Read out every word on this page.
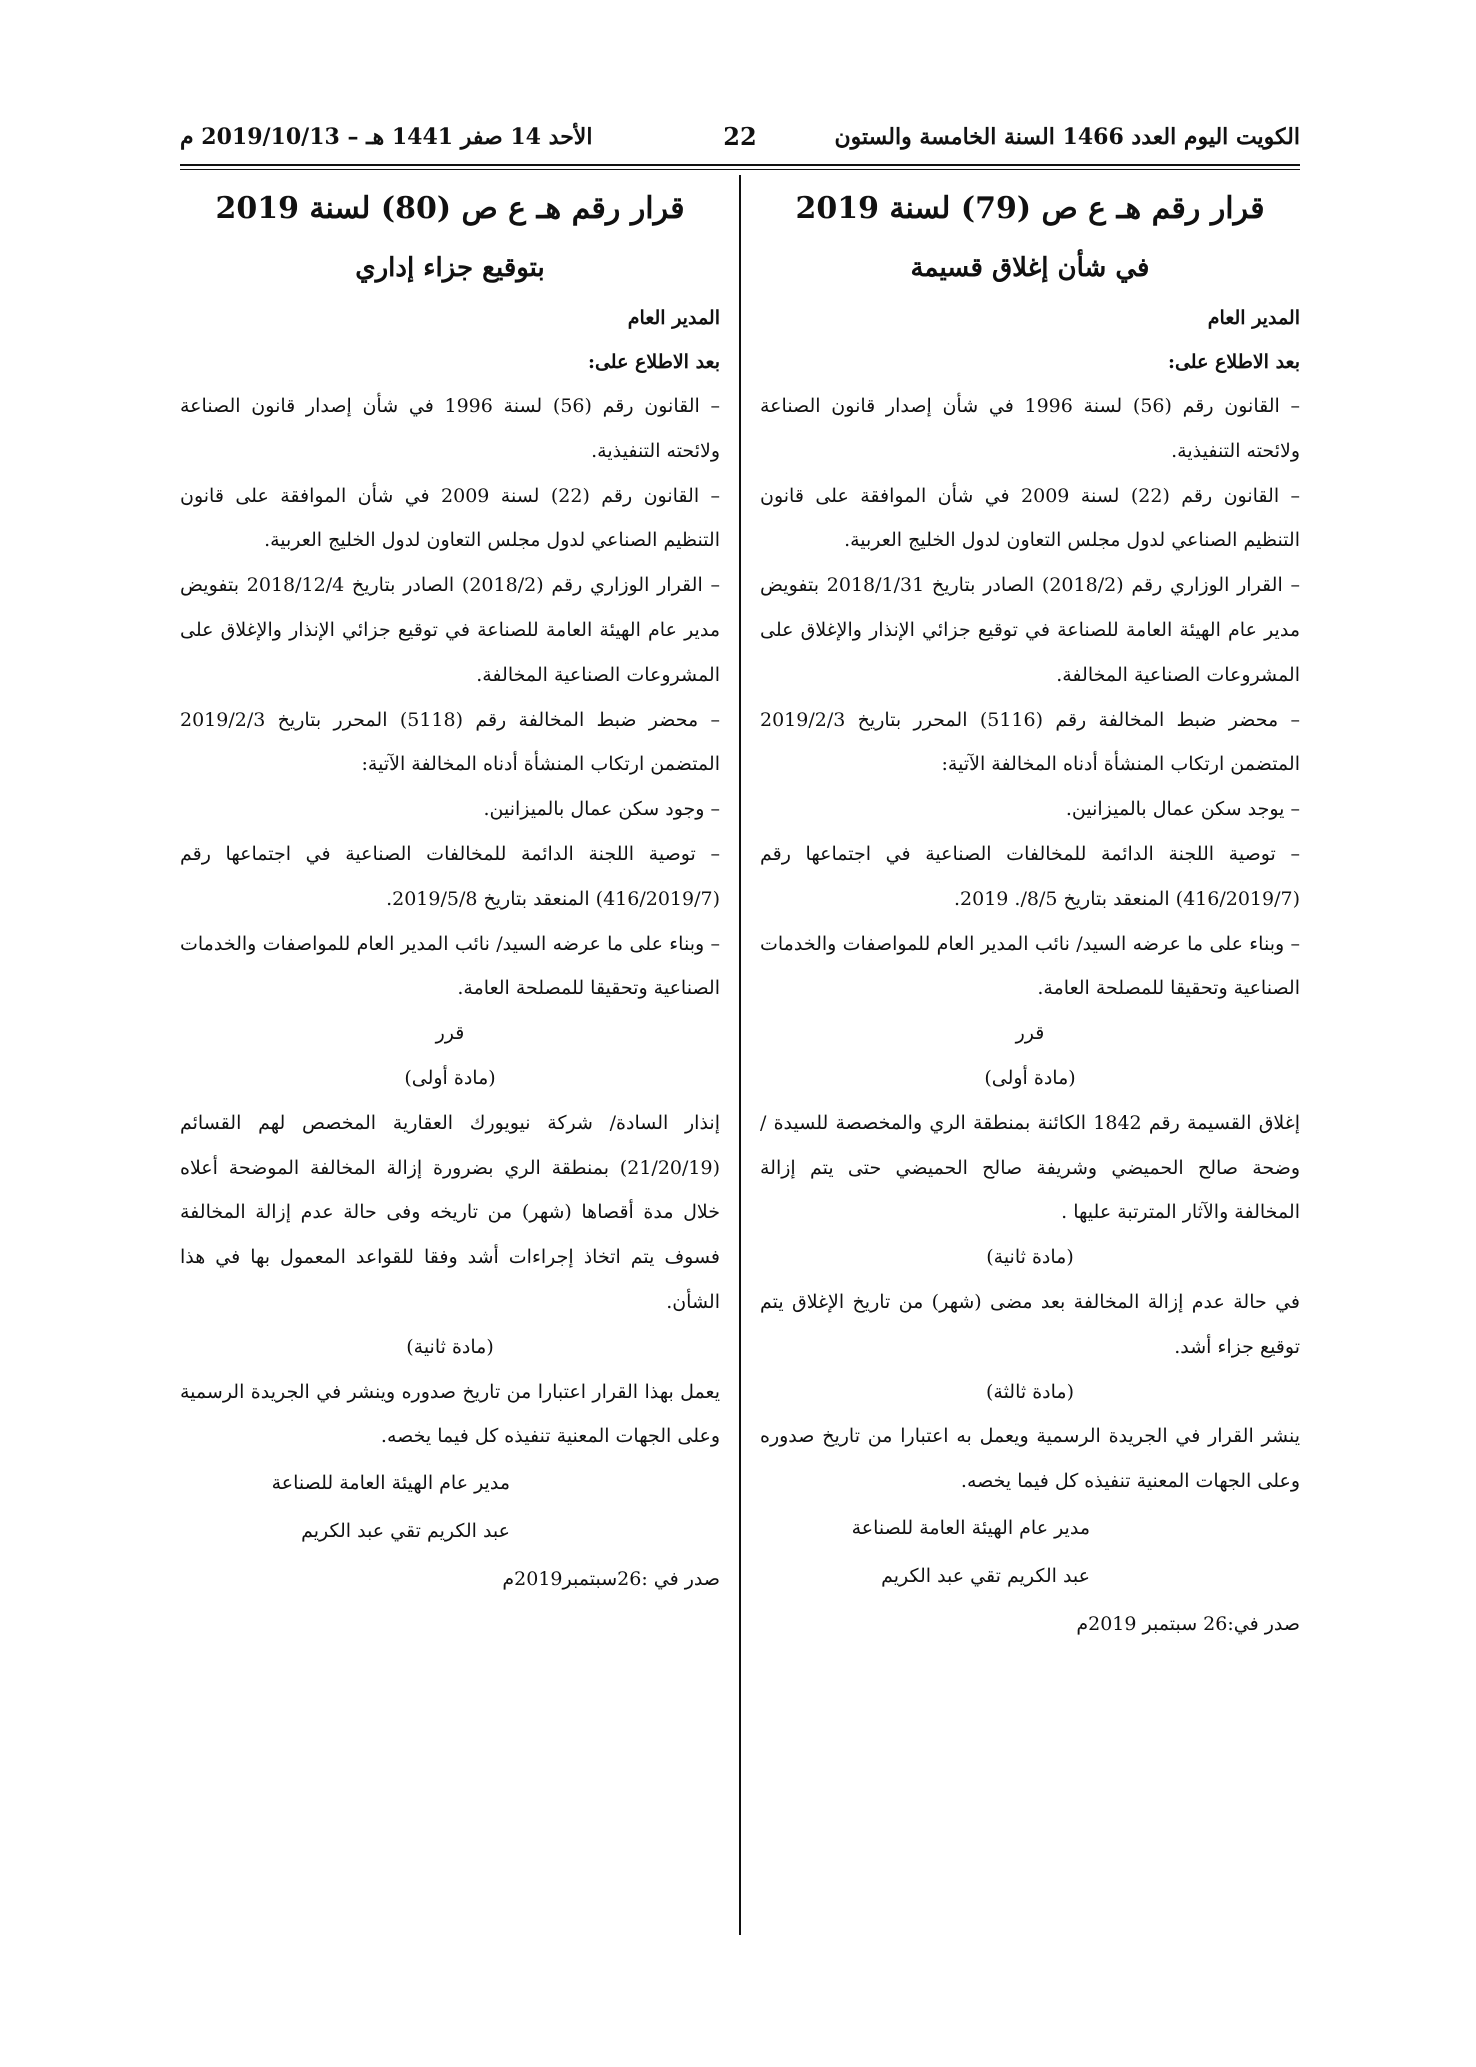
الكويت اليوم العدد 1466 السنة الخامسة والستون
22
الأحد 14 صفر 1441 هـ – 2019/10/13 م

قرار رقم هـ ع ص (79) لسنة 2019

في شأن إغلاق قسيمة

المدير العام

بعد الاطلاع على:

– القانون رقم (56) لسنة 1996 في شأن إصدار قانون الصناعة ولائحته التنفيذية.

– القانون رقم (22) لسنة 2009 في شأن الموافقة على قانون التنظيم الصناعي لدول مجلس التعاون لدول الخليج العربية.

– القرار الوزاري رقم (2018/2) الصادر بتاريخ 2018/1/31 بتفويض مدير عام الهيئة العامة للصناعة في توقيع جزائي الإنذار والإغلاق على المشروعات الصناعية المخالفة.

– محضر ضبط المخالفة رقم (5116) المحرر بتاريخ 2019/2/3 المتضمن ارتكاب المنشأة أدناه المخالفة الآتية:

– يوجد سكن عمال بالميزانين.

– توصية اللجنة الدائمة للمخالفات الصناعية في اجتماعها رقم (416/2019/7) المنعقد بتاريخ 8/5/. 2019.

– وبناء على ما عرضه السيد/ نائب المدير العام للمواصفات والخدمات الصناعية وتحقيقا للمصلحة العامة.

قرر

(مادة أولى)

إغلاق القسيمة رقم 1842 الكائنة بمنطقة الري والمخصصة للسيدة / وضحة صالح الحميضي وشريفة صالح الحميضي حتى يتم إزالة المخالفة والآثار المترتبة عليها .

(مادة ثانية)

في حالة عدم إزالة المخالفة بعد مضى (شهر) من تاريخ الإغلاق يتم توقيع جزاء أشد.

(مادة ثالثة)

ينشر القرار في الجريدة الرسمية ويعمل به اعتبارا من تاريخ صدوره وعلى الجهات المعنية تنفيذه كل فيما يخصه.

مدير عام الهيئة العامة للصناعة

عبد الكريم تقي عبد الكريم

صدر في:26 سبتمبر 2019م

قرار رقم هـ ع ص (80) لسنة 2019

بتوقيع جزاء إداري

المدير العام

بعد الاطلاع على:

– القانون رقم (56) لسنة 1996 في شأن إصدار قانون الصناعة ولائحته التنفيذية.

– القانون رقم (22) لسنة 2009 في شأن الموافقة على قانون التنظيم الصناعي لدول مجلس التعاون لدول الخليج العربية.

– القرار الوزاري رقم (2018/2) الصادر بتاريخ 2018/12/4 بتفويض مدير عام الهيئة العامة للصناعة في توقيع جزائي الإنذار والإغلاق على المشروعات الصناعية المخالفة.

– محضر ضبط المخالفة رقم (5118) المحرر بتاريخ 2019/2/3 المتضمن ارتكاب المنشأة أدناه المخالفة الآتية:

– وجود سكن عمال بالميزانين.

– توصية اللجنة الدائمة للمخالفات الصناعية في اجتماعها رقم (416/2019/7) المنعقد بتاريخ 2019/5/8.

– وبناء على ما عرضه السيد/ نائب المدير العام للمواصفات والخدمات الصناعية وتحقيقا للمصلحة العامة.

قرر

(مادة أولى)

إنذار السادة/ شركة نيويورك العقارية المخصص لهم القسائم (21/20/19) بمنطقة الري بضرورة إزالة المخالفة الموضحة أعلاه خلال مدة أقصاها (شهر) من تاريخه وفى حالة عدم إزالة المخالفة فسوف يتم اتخاذ إجراءات أشد وفقا للقواعد المعمول بها في هذا الشأن.

(مادة ثانية)

يعمل بهذا القرار اعتبارا من تاريخ صدوره وينشر في الجريدة الرسمية وعلى الجهات المعنية تنفيذه كل فيما يخصه.

مدير عام الهيئة العامة للصناعة

عبد الكريم تقي عبد الكريم

صدر في :26سبتمبر2019م
